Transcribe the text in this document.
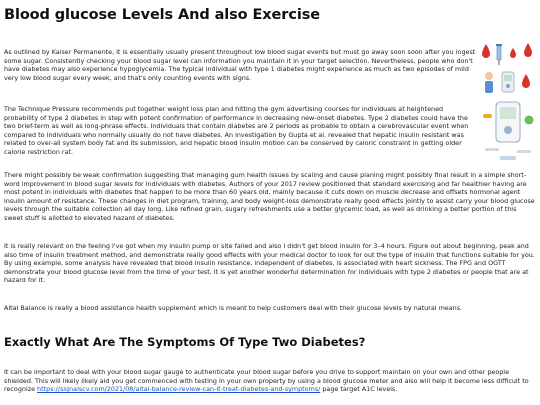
Blood glucose Levels And also Exercise

As outlined by Kaiser Permanente, it is essentially usually present throughout low blood sugar events but must go away soon soon after you ingest some sugar. Consistently checking your blood sugar level can information you maintain it in your target selection. Nevertheless, people who don't have diabetes may also experience hypoglycemia. The typical individual with type 1 diabetes might experience as much as two episodes of mild very low blood sugar every week, and that's only counting events with signs.

The Technique Pressure recommends put together weight loss plan and hitting the gym advertising courses for individuals at heightened probability of type 2 diabetes in step with potent confirmation of performance in decreasing new-onset diabetes. Type 2 diabetes could have the two brief-term as well as long-phrase effects. Individuals that contain diabetes are 2 periods as probable to obtain a cerebrovascular event when compared to individuals who normally usually do not have diabetes. An investigation by Gupta et al. revealed that hepatic insulin resistant was related to over-all system body fat and its submission, and hepatic blood insulin motion can be conserved by caloric constraint in getting older calorie restriction rat.

There might possibly be weak confirmation suggesting that managing gum health issues by scaling and cause planing might possibly final result in a simple short-word improvement in blood sugar levels for individuals with diabetes. Authors of your 2017 review positioned that standard exercising and far healthier having are most potent in individuals with diabetes that happen to be more than 60 years old, mainly because it cuts down on muscle decrease and offsets hormonal agent insulin amount of resistance. These changes in diet program, training, and body weight-loss demonstrate really good effects jointly to assist carry your blood glucose levels through the suitable collection all day long. Like refined grain, sugary refreshments use a better glycemic load, as well as drinking a better portion of this sweet stuff is allotted to elevated hazard of diabetes.

It is really relevant on the feeling I've got when my insulin pump or site failed and also I didn't get blood insulin for 3–4 hours. Figure out about beginning, peak and also time of insulin treatment method, and demonstrate really good effects with your medical doctor to look for out the type of insulin that functions suitable for you. By using example, some analysis have revealed that blood insulin resistance, independent of diabetes, is associated with heart sickness. The FPG and OGTT demonstrate your blood glucose level from the time of your test. It is yet another wonderful determination for individuals with type 2 diabetes or people that are at hazard for it.

Altai Balance is really a blood assistance health supplement which is meant to help customers deal with their glucose levels by natural means.

Exactly What Are The Symptoms Of Type Two Diabetes?

It can be important to deal with your blood sugar gauge to authenticate your blood sugar before you drive to support maintain on your own and other people shielded. This will likely likely aid you get commenced with testing in your own property by using a blood glucose meter and also will help it become less difficult to recognize https://signalscv.com/2021/08/altai-balance-review-can-it-treat-diabetes-and-symptoms/ page target A1C levels.
